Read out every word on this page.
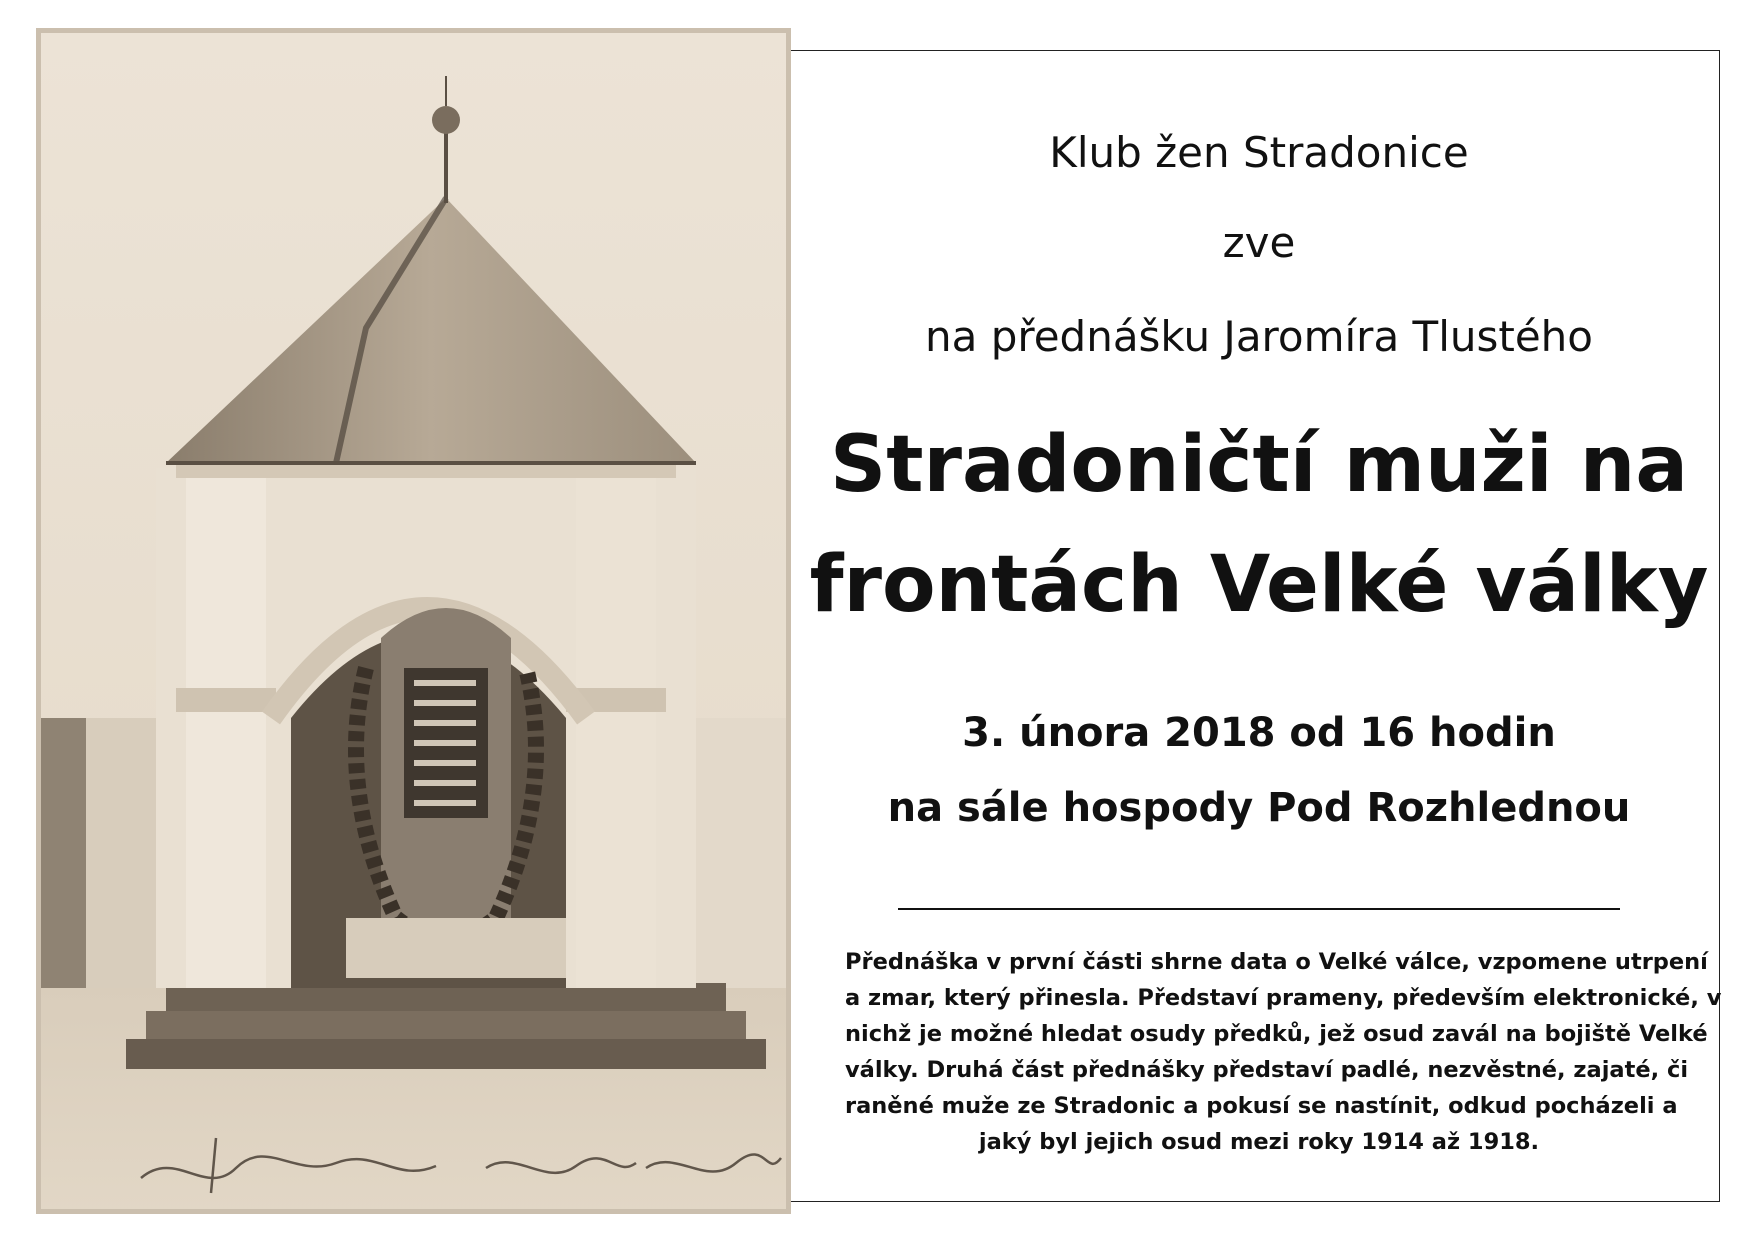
Klub žen Stradonice
zve
na přednášku Jaromíra Tlustého
Stradoničtí muži na
frontách Velké války
3. února 2018 od 16 hodin
na sále hospody Pod Rozhlednou
Přednáška v první části shrne data o Velké válce, vzpomene utrpení
a zmar, který přinesla. Představí prameny, především elektronické, v
nichž je možné hledat osudy předků, jež osud zavál na bojiště Velké
války. Druhá část přednášky představí padlé, nezvěstné, zajaté, či
raněné muže ze Stradonic a pokusí se nastínit, odkud pocházeli a
jaký byl jejich osud mezi roky 1914 až 1918.
